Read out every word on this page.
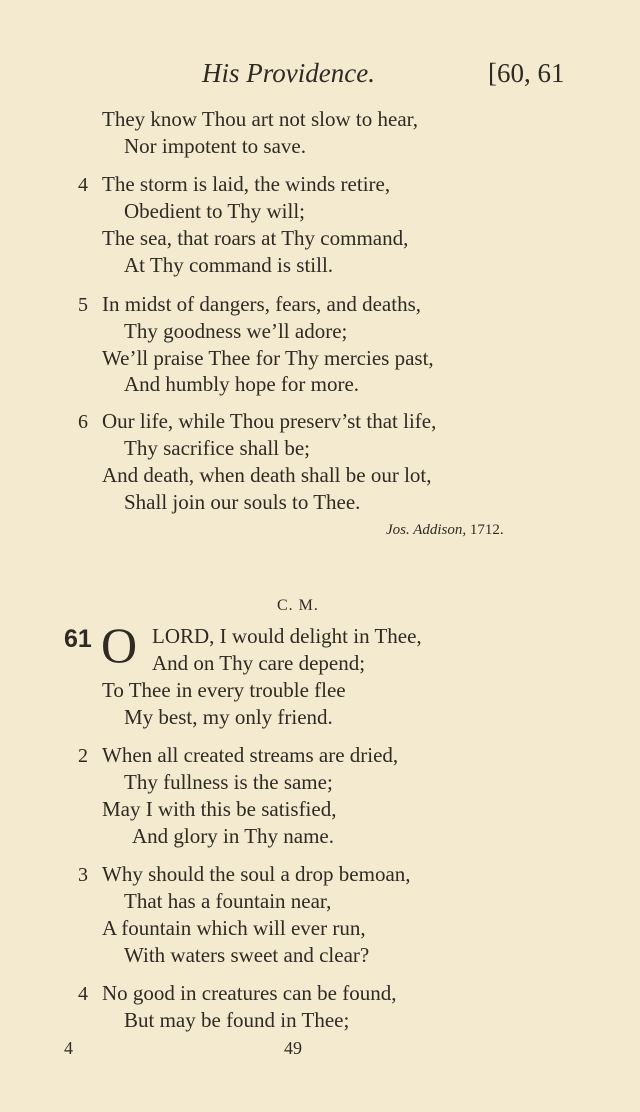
His Providence.	[60, 61
They know Thou art not slow to hear,
Nor impotent to save.
4 The storm is laid, the winds retire,
Obedient to Thy will;
The sea, that roars at Thy command,
At Thy command is still.
5 In midst of dangers, fears, and deaths,
Thy goodness we’ll adore;
We’ll praise Thee for Thy mercies past,
And humbly hope for more.
6 Our life, while Thou preserv’st that life,
Thy sacrifice shall be;
And death, when death shall be our lot,
Shall join our souls to Thee.
Jos. Addison, 1712.
C. M.
61 O LORD, I would delight in Thee,
And on Thy care depend;
To Thee in every trouble flee
My best, my only friend.
2 When all created streams are dried,
Thy fullness is the same;
May I with this be satisfied,
And glory in Thy name.
3 Why should the soul a drop bemoan,
That has a fountain near,
A fountain which will ever run,
With waters sweet and clear?
4 No good in creatures can be found,
But may be found in Thee;
4	49
